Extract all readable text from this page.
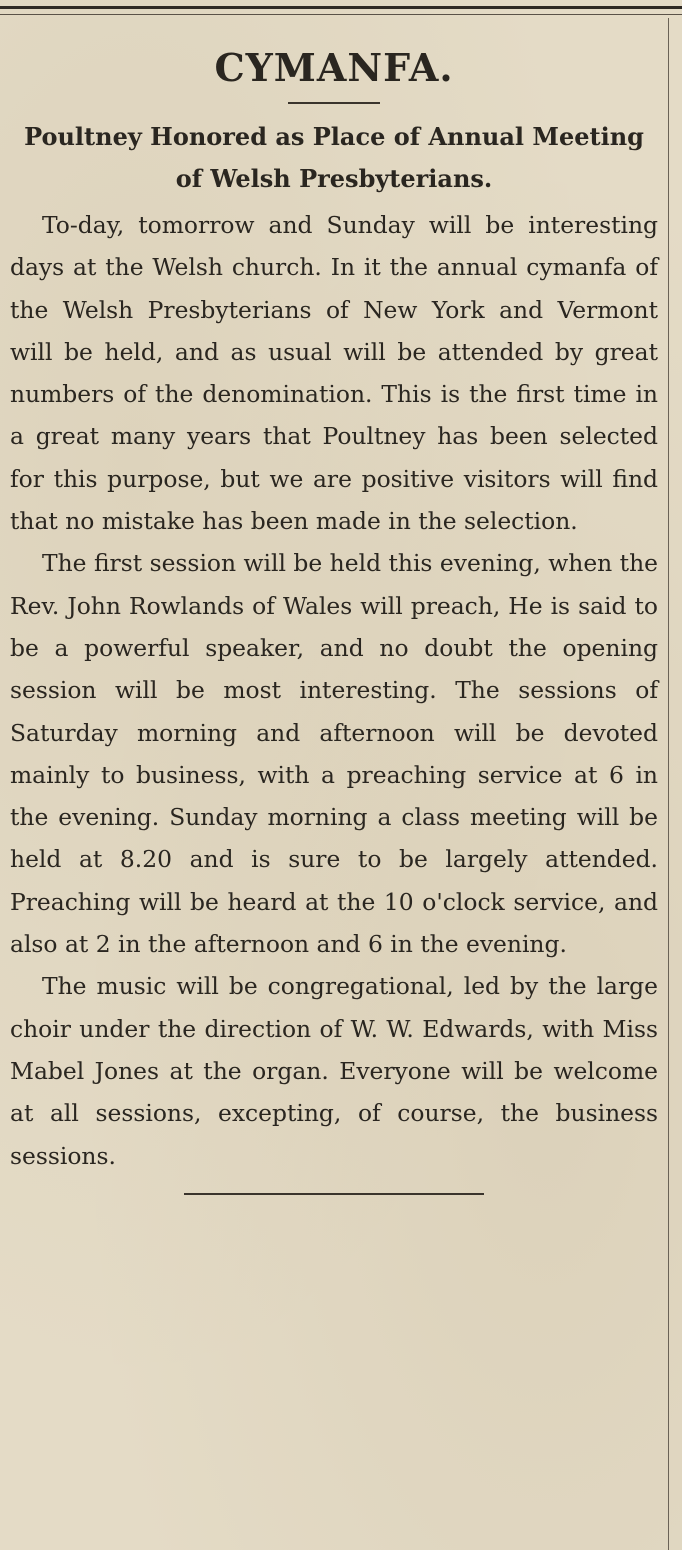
CYMANFA.
Poultney Honored as Place of Annual Meeting of Welsh Presbyterians.

To-day, tomorrow and Sunday will be interesting days at the Welsh church. In it the annual cymanfa of the Welsh Presbyterians of New York and Vermont will be held, and as usual will be attended by great numbers of the denomination. This is the first time in a great many years that Poultney has been selected for this purpose, but we are positive visitors will find that no mistake has been made in the selection.

The first session will be held this evening, when the Rev. John Rowlands of Wales will preach, He is said to be a powerful speaker, and no doubt the opening session will be most interesting. The sessions of Saturday morning and afternoon will be devoted mainly to business, with a preaching service at 6 in the evening. Sunday morning a class meeting will be held at 8.20 and is sure to be largely attended. Preaching will be heard at the 10 o'clock service, and also at 2 in the afternoon and 6 in the evening.

The music will be congregational, led by the large choir under the direction of W. W. Edwards, with Miss Mabel Jones at the organ. Everyone will be welcome at all sessions, excepting, of course, the business sessions.
